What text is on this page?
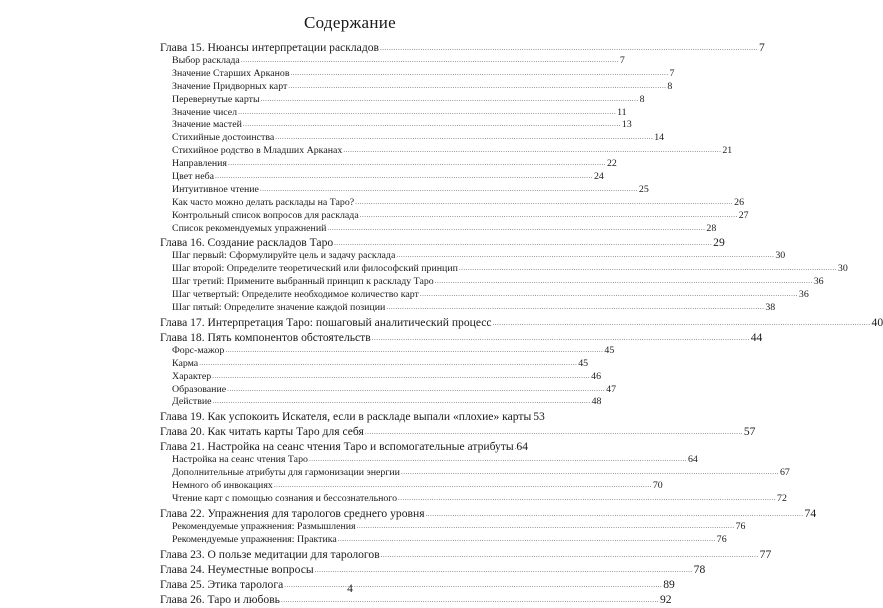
Содержание
Глава 15. Нюансы интерпретации раскладов .....	7
Выбор расклада .....	7
Значение Старших Арканов .....	7
Значение Придворных карт .....	8
Перевернутые карты .....	8
Значение чисел .....	11
Значение мастей .....	13
Стихийные достоинства .....	14
Стихийное родство в Младших Арканах .....	21
Направления .....	22
Цвет неба .....	24
Интуитивное чтение .....	25
Как часто можно делать расклады на Таро? .....	26
Контрольный список вопросов для расклада .....	27
Список рекомендуемых упражнений .....	28
Глава 16. Создание раскладов Таро .....	29
Шаг первый: Сформулируйте цель и задачу расклада .....	30
Шаг второй: Определите теоретический или философский принцип .....	30
Шаг третий: Примените выбранный принцип к раскладу Таро .....	36
Шаг четвертый: Определите необходимое количество карт .....	36
Шаг пятый: Определите значение каждой позиции .....	38
Глава 17. Интерпретация Таро: пошаговый аналитический процесс .....	40
Глава 18. Пять компонентов обстоятельств .....	44
Форс-мажор .....	45
Карма .....	45
Характер .....	46
Образование .....	47
Действие .....	48
Глава 19. Как успокоить Искателя, если в раскладе выпали «плохие» карты 53
Глава 20. Как читать карты Таро для себя .....	57
Глава 21. Настройка на сеанс чтения Таро и вспомогательные атрибуты ..... 64
Настройка на сеанс чтения Таро .....	64
Дополнительные атрибуты для гармонизации энергии .....	67
Немного об инвокациях .....	70
Чтение карт с помощью сознания и бессознательного .....	72
Глава 22. Упражнения для тарологов среднего уровня .....	74
Рекомендуемые упражнения: Размышления .....	76
Рекомендуемые упражнения: Практика .....	76
Глава 23. О пользе медитации для тарологов .....	77
Глава 24. Неуместные вопросы .....	78
Глава 25. Этика таролога .....	89
Глава 26. Таро и любовь .....	92
4
